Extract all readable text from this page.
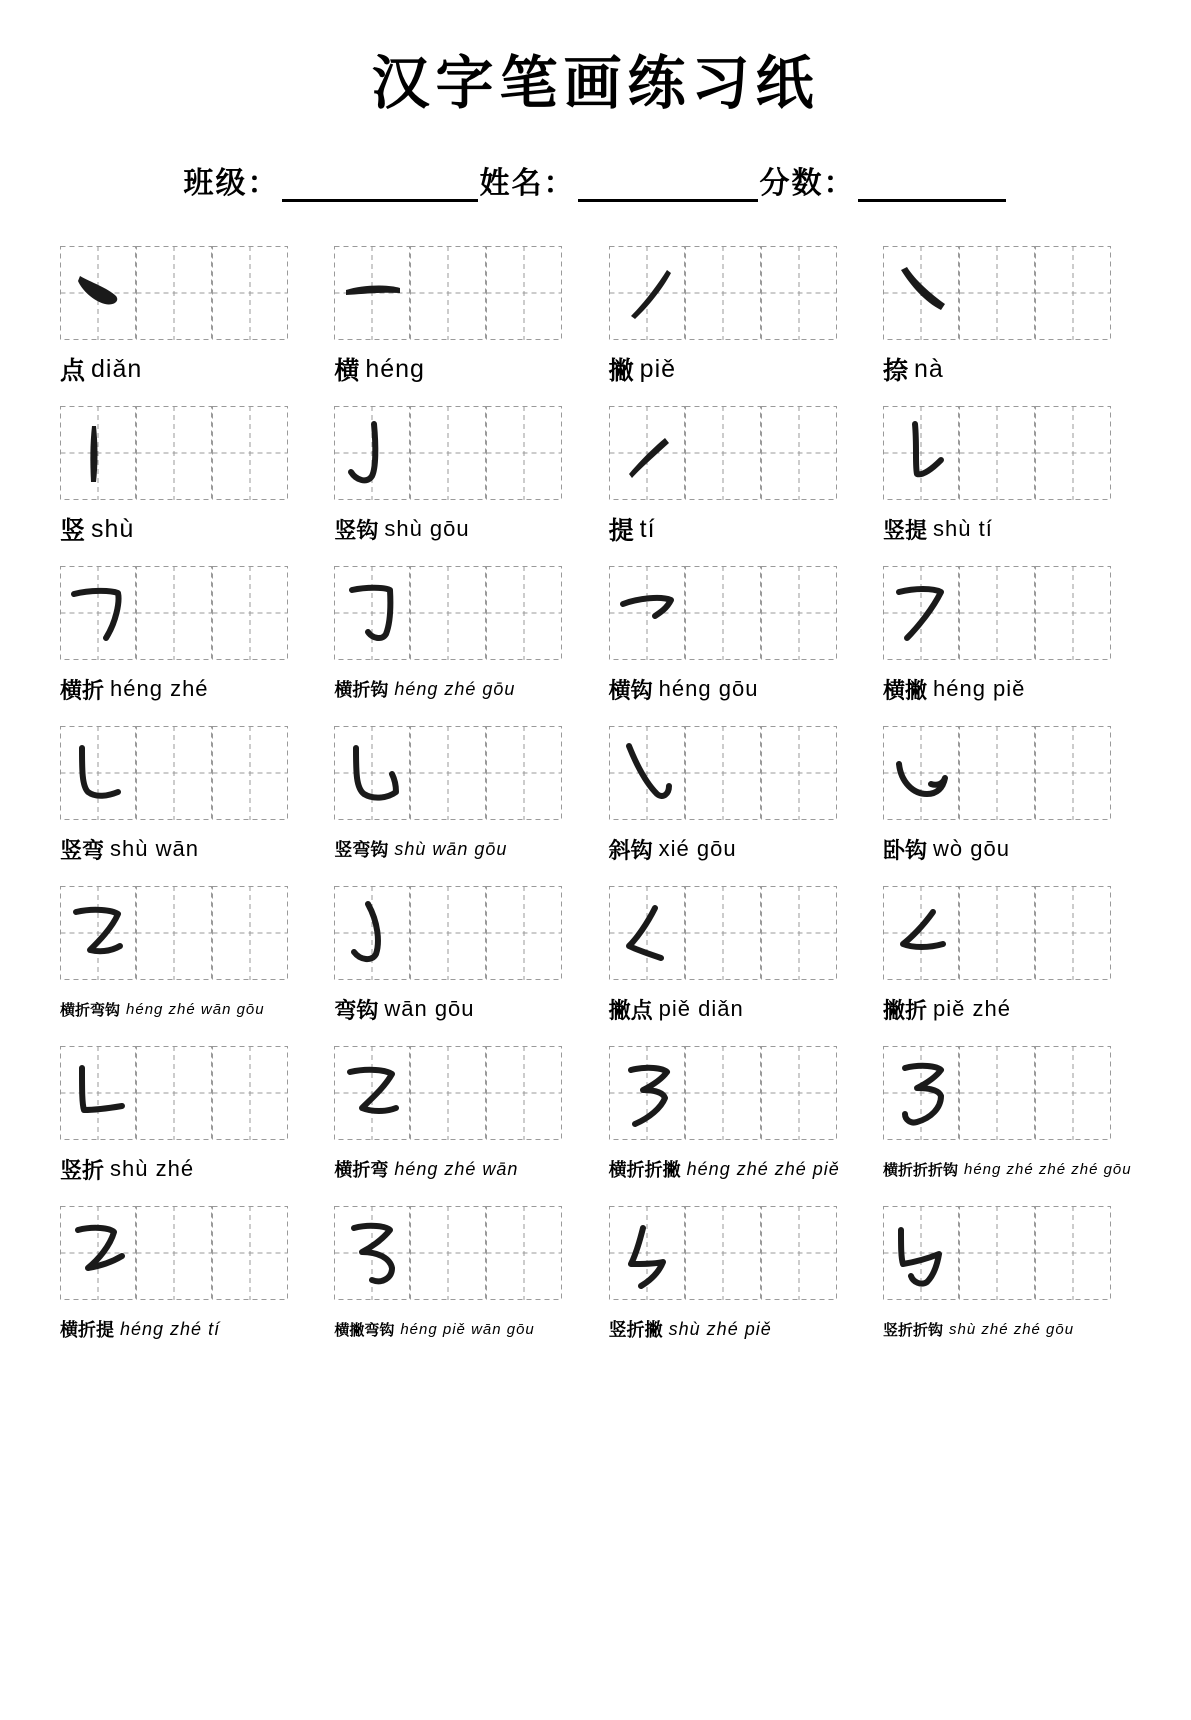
汉字笔画练习纸
班级：	姓名：	分数：
点 diǎn	横 héng	撇 piě	捺 nà
竖 shù	竖钩 shù gōu	提 tí	竖提 shù tí
横折 héng zhé	横折钩 héng zhé gōu	横钩 héng gōu	横撇 héng piě
竖弯 shù wān	竖弯钩 shù wān gōu	斜钩 xié gōu	卧钩 wò gōu
横折弯钩 héng zhé wān gōu	弯钩 wān gōu	撇点 piě diǎn	撇折 piě zhé
竖折 shù zhé	横折弯 héng zhé wān	横折折撇 héng zhé zhé piě	横折折折钩 héng zhé zhé zhé gōu
横折提 héng zhé tí	横撇弯钩 héng piě wān gōu	竖折撇 shù zhé piě	竖折折钩 shù zhé zhé gōu
